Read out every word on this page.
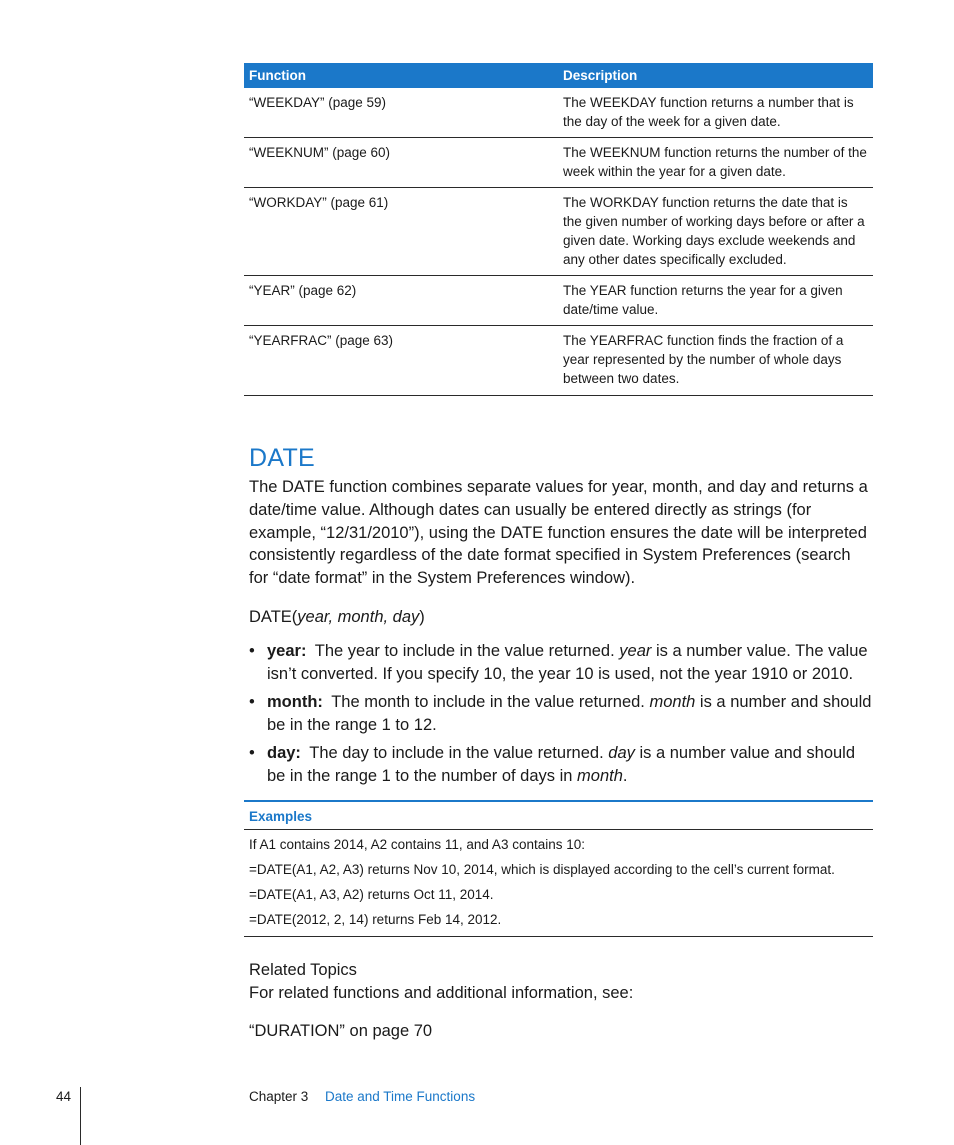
Function	Description
“WEEKDAY” (page 59)	The WEEKDAY function returns a number that is the day of the week for a given date.
“WEEKNUM” (page 60)	The WEEKNUM function returns the number of the week within the year for a given date.
“WORKDAY” (page 61)	The WORKDAY function returns the date that is the given number of working days before or after a given date. Working days exclude weekends and any other dates specifically excluded.
“YEAR” (page 62)	The YEAR function returns the year for a given date/time value.
“YEARFRAC” (page 63)	The YEARFRAC function finds the fraction of a year represented by the number of whole days between two dates.
DATE

The DATE function combines separate values for year, month, and day and returns a date/time value. Although dates can usually be entered directly as strings (for example, “12/31/2010”), using the DATE function ensures the date will be interpreted consistently regardless of the date format specified in System Preferences (search for “date format” in the System Preferences window).

DATE(year, month, day)

• year: The year to include in the value returned. year is a number value. The value isn’t converted. If you specify 10, the year 10 is used, not the year 1910 or 2010.
• month: The month to include in the value returned. month is a number and should be in the range 1 to 12.
• day: The day to include in the value returned. day is a number value and should be in the range 1 to the number of days in month.
Examples
If A1 contains 2014, A2 contains 11, and A3 contains 10:
=DATE(A1, A2, A3) returns Nov 10, 2014, which is displayed according to the cell’s current format.
=DATE(A1, A3, A2) returns Oct 11, 2014.
=DATE(2012, 2, 14) returns Feb 14, 2012.
Related Topics

For related functions and additional information, see:

“DURATION” on page 70

44	Chapter 3 Date and Time Functions
